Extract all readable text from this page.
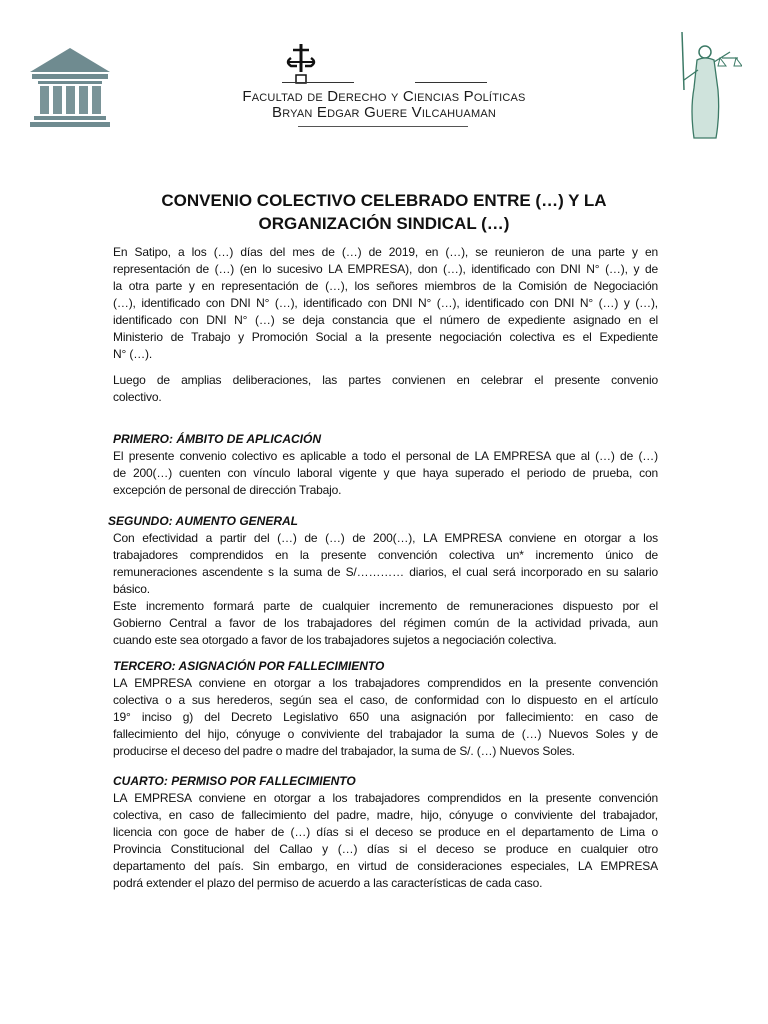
Facultad de Derecho y Ciencias Políticas
Bryan Edgar Guere Vilcahuaman
CONVENIO COLECTIVO CELEBRADO ENTRE (…) Y LA
ORGANIZACIÓN SINDICAL (…)
En Satipo, a los (…) días del mes de (…) de 2019, en (…), se reunieron de una parte y en
representación de (…) (en lo sucesivo LA EMPRESA), don (…), identificado con DNI N° (…), y de
la otra parte y en representación de (…), los señores miembros de la Comisión de Negociación
(…), identificado con DNI N° (…), identificado con DNI N° (…), identificado con DNI N° (…) y (…),
identificado con DNI N° (…) se deja constancia que el número de expediente asignado en el
Ministerio de Trabajo y Promoción Social a la presente negociación colectiva es el Expediente
N° (…).
Luego de amplias deliberaciones, las partes convienen en celebrar el presente convenio
colectivo.
PRIMERO: ÁMBITO DE APLICACIÓN
El presente convenio colectivo es aplicable a todo el personal de LA EMPRESA que al (…) de (…)
de 200(…) cuenten con vínculo laboral vigente y que haya superado el periodo de prueba, con
excepción de personal de dirección Trabajo.
SEGUNDO: AUMENTO GENERAL
Con efectividad a partir del (…) de (…) de 200(…), LA EMPRESA conviene en otorgar a los
trabajadores comprendidos en la presente convención colectiva un* incremento único de
remuneraciones ascendente s la suma de S/………… diarios, el cual será incorporado en su salario
básico.
Este incremento formará parte de cualquier incremento de remuneraciones dispuesto por el
Gobierno Central a favor de los trabajadores del régimen común de la actividad privada, aun
cuando este sea otorgado a favor de los trabajadores sujetos a negociación colectiva.
TERCERO: ASIGNACIÓN POR FALLECIMIENTO
LA EMPRESA conviene en otorgar a los trabajadores comprendidos en la presente convención
colectiva o a sus herederos, según sea el caso, de conformidad con lo dispuesto en el artículo
19° inciso g) del Decreto Legislativo 650 una asignación por fallecimiento: en caso de
fallecimiento del hijo, cónyuge o conviviente del trabajador la suma de (…) Nuevos Soles y de
producirse el deceso del padre o madre del trabajador, la suma de S/. (…) Nuevos Soles.
CUARTO: PERMISO POR FALLECIMIENTO
LA EMPRESA conviene en otorgar a los trabajadores comprendidos en la presente convención
colectiva, en caso de fallecimiento del padre, madre, hijo, cónyuge o conviviente del trabajador,
licencia con goce de haber de (…) días si el deceso se produce en el departamento de Lima o
Provincia Constitucional del Callao y (…) días si el deceso se produce en cualquier otro
departamento del país. Sin embargo, en virtud de consideraciones especiales, LA EMPRESA
podrá extender el plazo del permiso de acuerdo a las características de cada caso.
